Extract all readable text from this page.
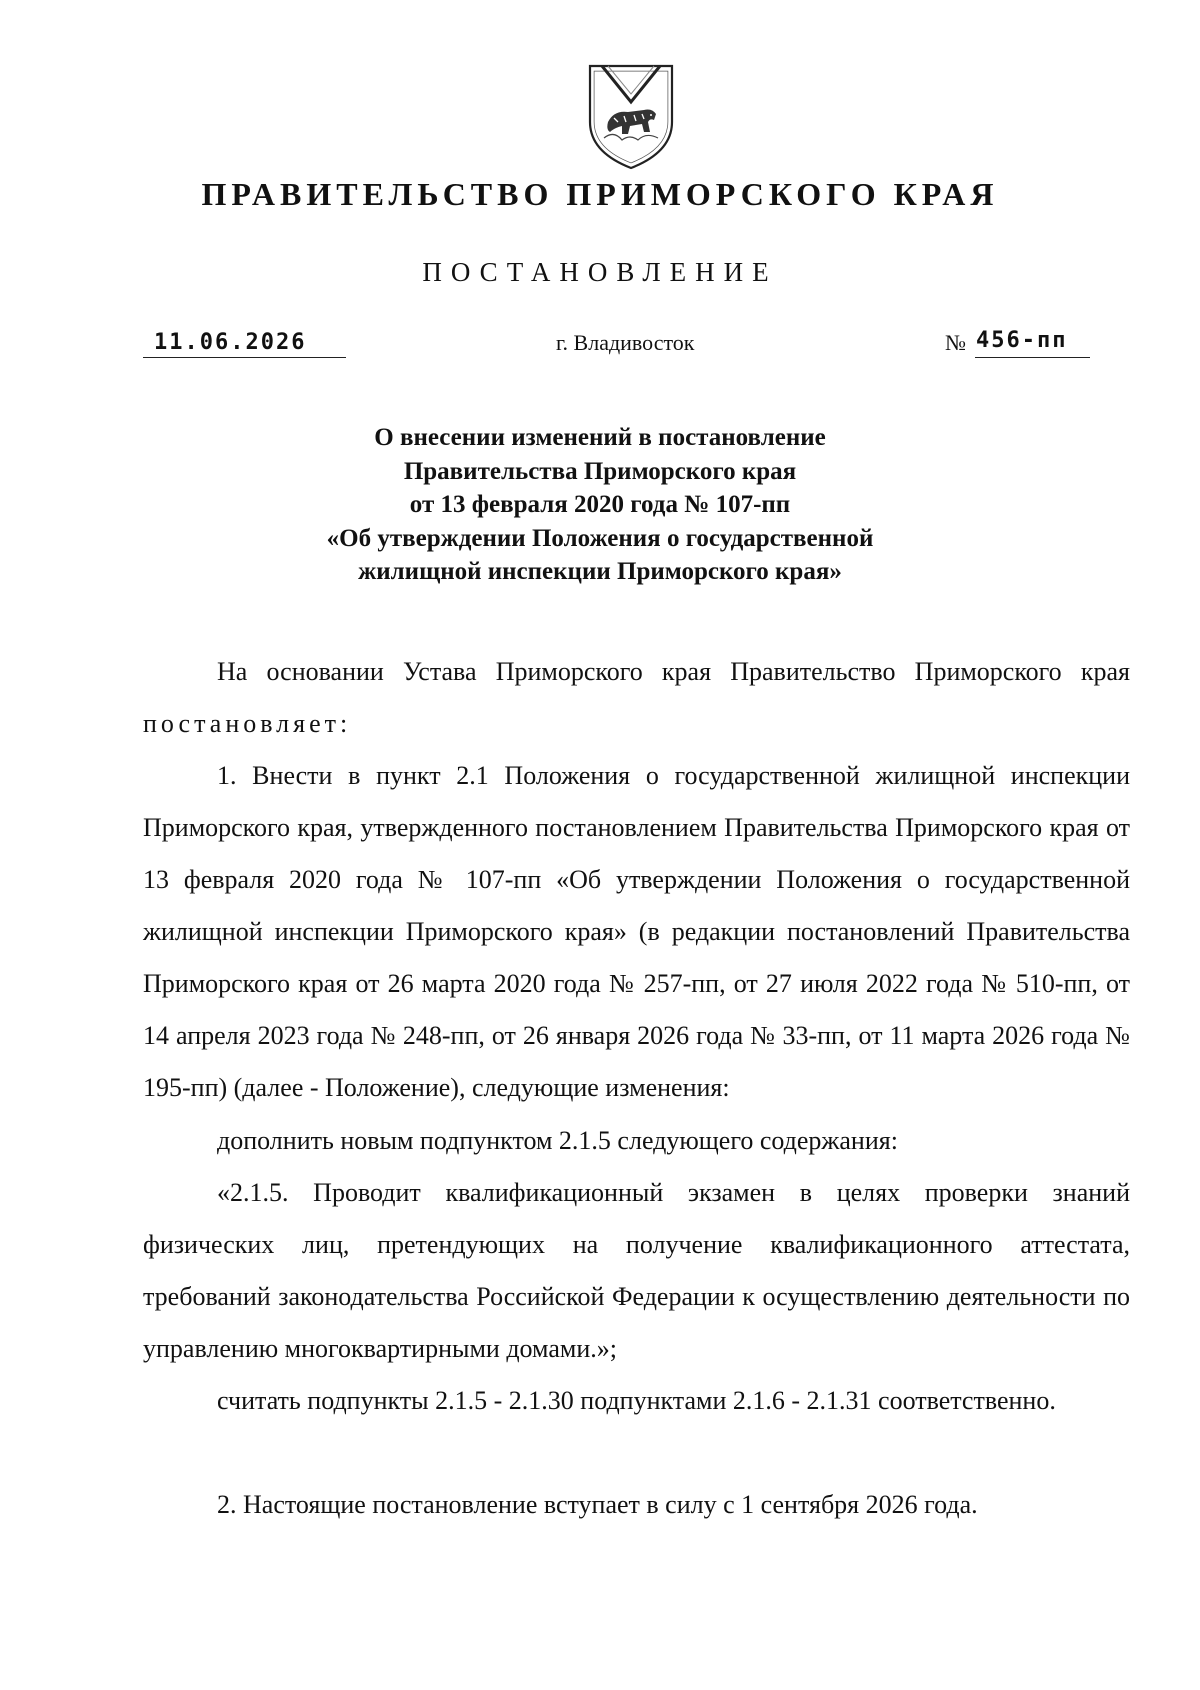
ПРАВИТЕЛЬСТВО ПРИМОРСКОГО КРАЯ
ПОСТАНОВЛЕНИЕ
11.06.2026	г. Владивосток	№ 456-пп
О внесении изменений в постановление
Правительства Приморского края
от 13 февраля 2020 года № 107-пп
«Об утверждении Положения о государственной
жилищной инспекции Приморского края»

На основании Устава Приморского края Правительство Приморского края постановляет:

1. Внести в пункт 2.1 Положения о государственной жилищной инспекции Приморского края, утвержденного постановлением Правительства Приморского края от 13 февраля 2020 года № 107-пп «Об утверждении Положения о государственной жилищной инспекции Приморского края» (в редакции постановлений Правительства Приморского края от 26 марта 2020 года № 257-пп, от 27 июля 2022 года № 510-пп, от 14 апреля 2023 года № 248-пп, от 26 января 2026 года № 33-пп, от 11 марта 2026 года № 195-пп) (далее - Положение), следующие изменения:

дополнить новым подпунктом 2.1.5 следующего содержания:

«2.1.5. Проводит квалификационный экзамен в целях проверки знаний физических лиц, претендующих на получение квалификационного аттестата, требований законодательства Российской Федерации к осуществлению деятельности по управлению многоквартирными домами.»;

считать подпункты 2.1.5 - 2.1.30 подпунктами 2.1.6 - 2.1.31 соответственно.

2. Настоящие постановление вступает в силу с 1 сентября 2026 года.
